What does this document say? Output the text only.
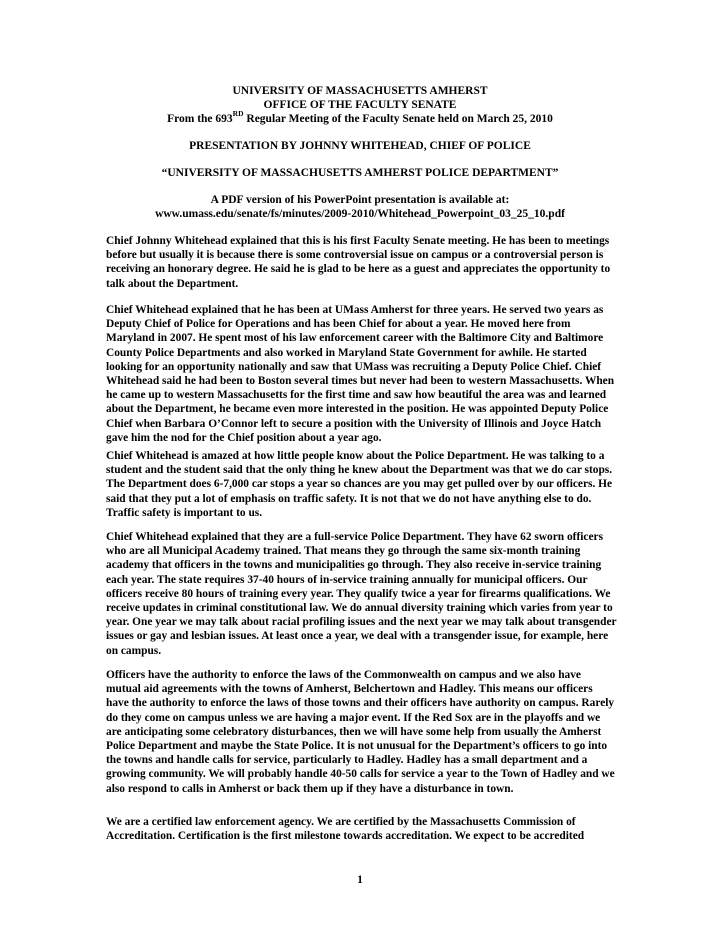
UNIVERSITY OF MASSACHUSETTS AMHERST
OFFICE OF THE FACULTY SENATE
From the 693RD Regular Meeting of the Faculty Senate held on March 25, 2010
PRESENTATION BY JOHNNY WHITEHEAD, CHIEF OF POLICE
“UNIVERSITY OF MASSACHUSETTS AMHERST POLICE DEPARTMENT”
A PDF version of his PowerPoint presentation is available at:
www.umass.edu/senate/fs/minutes/2009-2010/Whitehead_Powerpoint_03_25_10.pdf
Chief Johnny Whitehead explained that this is his first Faculty Senate meeting. He has been to meetings before but usually it is because there is some controversial issue on campus or a controversial person is receiving an honorary degree. He said he is glad to be here as a guest and appreciates the opportunity to talk about the Department.
Chief Whitehead explained that he has been at UMass Amherst for three years. He served two years as Deputy Chief of Police for Operations and has been Chief for about a year. He moved here from Maryland in 2007. He spent most of his law enforcement career with the Baltimore City and Baltimore County Police Departments and also worked in Maryland State Government for awhile. He started looking for an opportunity nationally and saw that UMass was recruiting a Deputy Police Chief. Chief Whitehead said he had been to Boston several times but never had been to western Massachusetts. When he came up to western Massachusetts for the first time and saw how beautiful the area was and learned about the Department, he became even more interested in the position. He was appointed Deputy Police Chief when Barbara O’Connor left to secure a position with the University of Illinois and Joyce Hatch gave him the nod for the Chief position about a year ago.
Chief Whitehead is amazed at how little people know about the Police Department. He was talking to a student and the student said that the only thing he knew about the Department was that we do car stops. The Department does 6-7,000 car stops a year so chances are you may get pulled over by our officers. He said that they put a lot of emphasis on traffic safety. It is not that we do not have anything else to do. Traffic safety is important to us.
Chief Whitehead explained that they are a full-service Police Department. They have 62 sworn officers who are all Municipal Academy trained. That means they go through the same six-month training academy that officers in the towns and municipalities go through. They also receive in-service training each year. The state requires 37-40 hours of in-service training annually for municipal officers. Our officers receive 80 hours of training every year. They qualify twice a year for firearms qualifications. We receive updates in criminal constitutional law. We do annual diversity training which varies from year to year. One year we may talk about racial profiling issues and the next year we may talk about transgender issues or gay and lesbian issues. At least once a year, we deal with a transgender issue, for example, here on campus.
Officers have the authority to enforce the laws of the Commonwealth on campus and we also have mutual aid agreements with the towns of Amherst, Belchertown and Hadley. This means our officers have the authority to enforce the laws of those towns and their officers have authority on campus. Rarely do they come on campus unless we are having a major event. If the Red Sox are in the playoffs and we are anticipating some celebratory disturbances, then we will have some help from usually the Amherst Police Department and maybe the State Police. It is not unusual for the Department’s officers to go into the towns and handle calls for service, particularly to Hadley. Hadley has a small department and a growing community. We will probably handle 40-50 calls for service a year to the Town of Hadley and we also respond to calls in Amherst or back them up if they have a disturbance in town.
We are a certified law enforcement agency. We are certified by the Massachusetts Commission of Accreditation. Certification is the first milestone towards accreditation. We expect to be accredited
1
